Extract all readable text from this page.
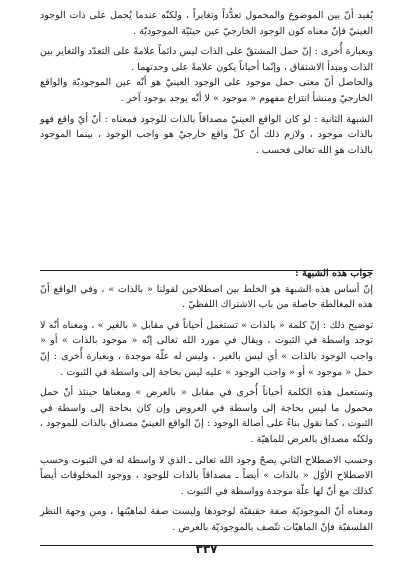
يُفيد أنّ بين الموضوع والمحمول تعدُّداً وتغايراً ، ولكنّه عندما يُحمل على ذات الوجود العينيّ فإنّ معناه كون الوجود الخارجيّ عين حيثيّة الموجوديّة .

وبعبارة أُخرى : إنّ حمل المشتقّ على الذات ليس دائماً علامةً على التعدّد والتغاير بين الذات ومبدأ الاشتقاق ، وإنّما أحياناً يكون علامةً على وحدتهما .

والحاصل أنّ معنى حمل موجود على الوجود العينيّ هو أنّه عين الموجوديّة والواقع الخارجيّ ومنشأ انتزاع مفهوم « موجود » لا أنّه يوجد بوجود آخر .

الشبهة الثانية : لو كان الواقع العينيّ مصداقاً بالذات للوجود فمعناه : أنّ أيّ واقع فهو بالذات موجود ، ولازم ذلك أنّ كلّ واقع خارجيّ هو واجب الوجود ، بينما الموجود بالذات هو الله تعالى فحسب .

جواب هذه الشبهة :

إنّ أساس هذه الشبهة هو الخلط بين اصطلاحين لقولنا « بالذات » ، وفي الواقع أنّ هذه المغالطة حاصلة من باب الاشتراك اللفظيّ .

توضيح ذلك : إنّ كلمة « بالذات » تستعمل أحياناً في مقابل « بالغير » ، ومعناه أنّه لا توجد واسطة في الثبوت ، ويقال في مورد الله تعالى إنّه « موجود بالذات » أو « واجب الوجود بالذات » أي ليس بالغير ، وليس له علّة موجدة ، وبعبارة أُخرى : إنّ حمل « موجود » أو « واجب الوجود » عليه ليس بحاجة إلى واسطة في الثبوت .

وتستعمل هذه الكلمة أحياناً أُخرى في مقابل « بالعرض » ومعناها حينئذ أنّ حمل محمول ما ليس بحاجة إلى واسطة في العروض وإن كان بحاجة إلى واسطة في الثبوت ، كما نقول بناءً على أصالة الوجود : إنّ الواقع العينيّ مصداق بالذات للموجود ، ولكنّه مصداق بالعرض للماهيّة .

وحسب الاصطلاح الثاني يصحّ وجود الله تعالى ـ الذي لا واسطة له في الثبوت وحسب الاصطلاح الأوّل « بالذات » أيضاً ـ مصداقاً بالذات للوجود ، ووجود المخلوقات أيضاً كذلك مع أنّ لها علّة موجدة وواسطة في الثبوت .

ومعناه أنّ الموجوديّة صفة حقيقيّة لوجودها وليست صفة لماهيّتها ، ومن وجهة النظر الفلسفيّة فإنّ الماهيّات تتّصف بالموجوديّة بالعرض .

٣٣٧
